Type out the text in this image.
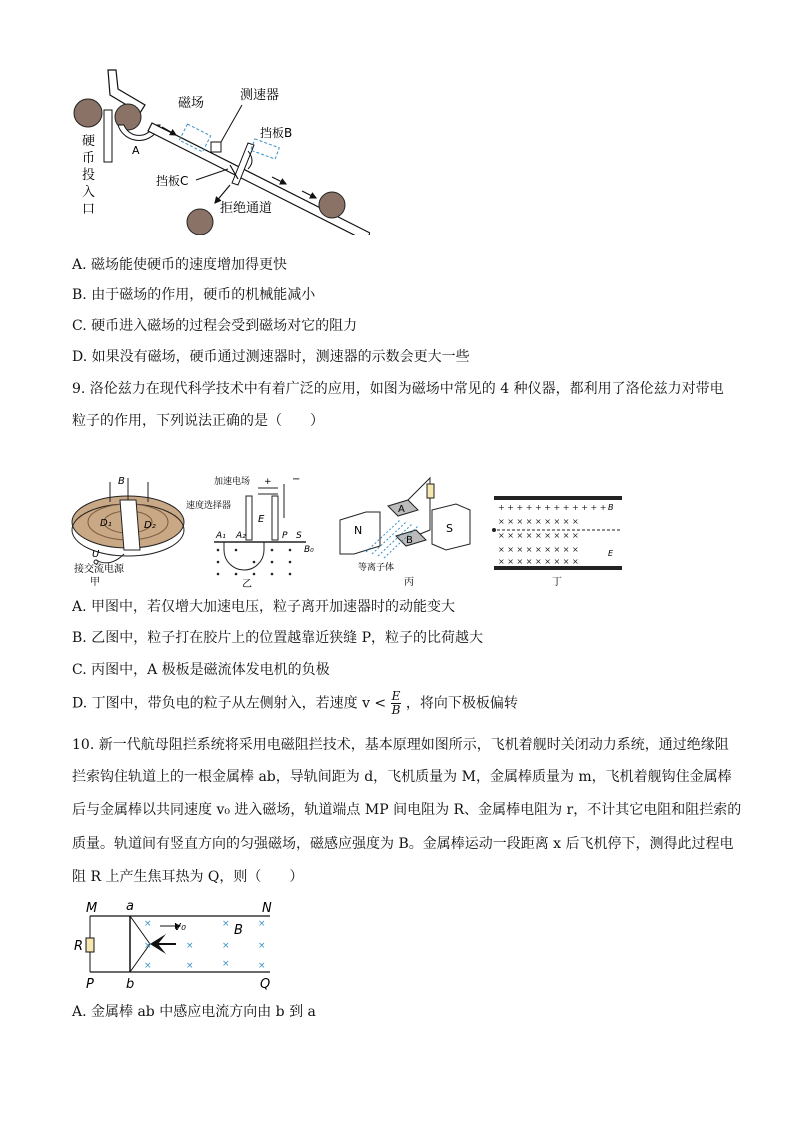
A
磁场
测速器
挡板B
挡板C
拒绝通道
硬
币
投
入
口
A. 磁场能使硬币的速度增加得更快
B. 由于磁场的作用，硬币的机械能减小
C. 硬币进入磁场的过程会受到磁场对它的阻力
D. 如果没有磁场，硬币通过测速器时，测速器的示数会更大一些
9. 洛伦兹力在现代科学技术中有着广泛的应用，如图为磁场中常见的 4 种仪器，都利用了洛伦兹力对带电
粒子的作用，下列说法正确的是（　　）
B
D₁	D₂
U
接交流电源
甲
加速电场 + −
速度选择器
E
A₁ A₂	P S
B₀
乙
N	S
A
B
等离子体
丙
+ + + + + + + + + + + +
× × × × × × × × ×
× × × × × × × × ×
× × × × × × × × ×
× × × × × × × × ×
B
E
丁
A. 甲图中，若仅增大加速电压，粒子离开加速器时的动能变大
B. 乙图中，粒子打在胶片上的位置越靠近狭缝 P，粒子的比荷越大
C. 丙图中，A 极板是磁流体发电机的负极
D. 丁图中，带负电的粒子从左侧射入，若速度 $v < \frac{E}{B}$ ，将向下极板偏转
10. 新一代航母阻拦系统将采用电磁阻拦技术，基本原理如图所示，飞机着舰时关闭动力系统，通过绝缘阻
拦索钩住轨道上的一根金属棒 ab，导轨间距为 d，飞机质量为 M，金属棒质量为 m，飞机着舰钩住金属棒
后与金属棒以共同速度 v₀ 进入磁场，轨道端点 MP 间电阻为 R、金属棒电阻为 r，不计其它电阻和阻拦索的
质量。轨道间有竖直方向的匀强磁场，磁感应强度为 B。金属棒运动一段距离 x 后飞机停下，测得此过程电
阻 R 上产生焦耳热为 Q，则（　　）
M a	N
R
v₀	B
×	×	×
×	×	×	×
×	×	×	×
P b	Q
A. 金属棒 ab 中感应电流方向由 b 到 a
